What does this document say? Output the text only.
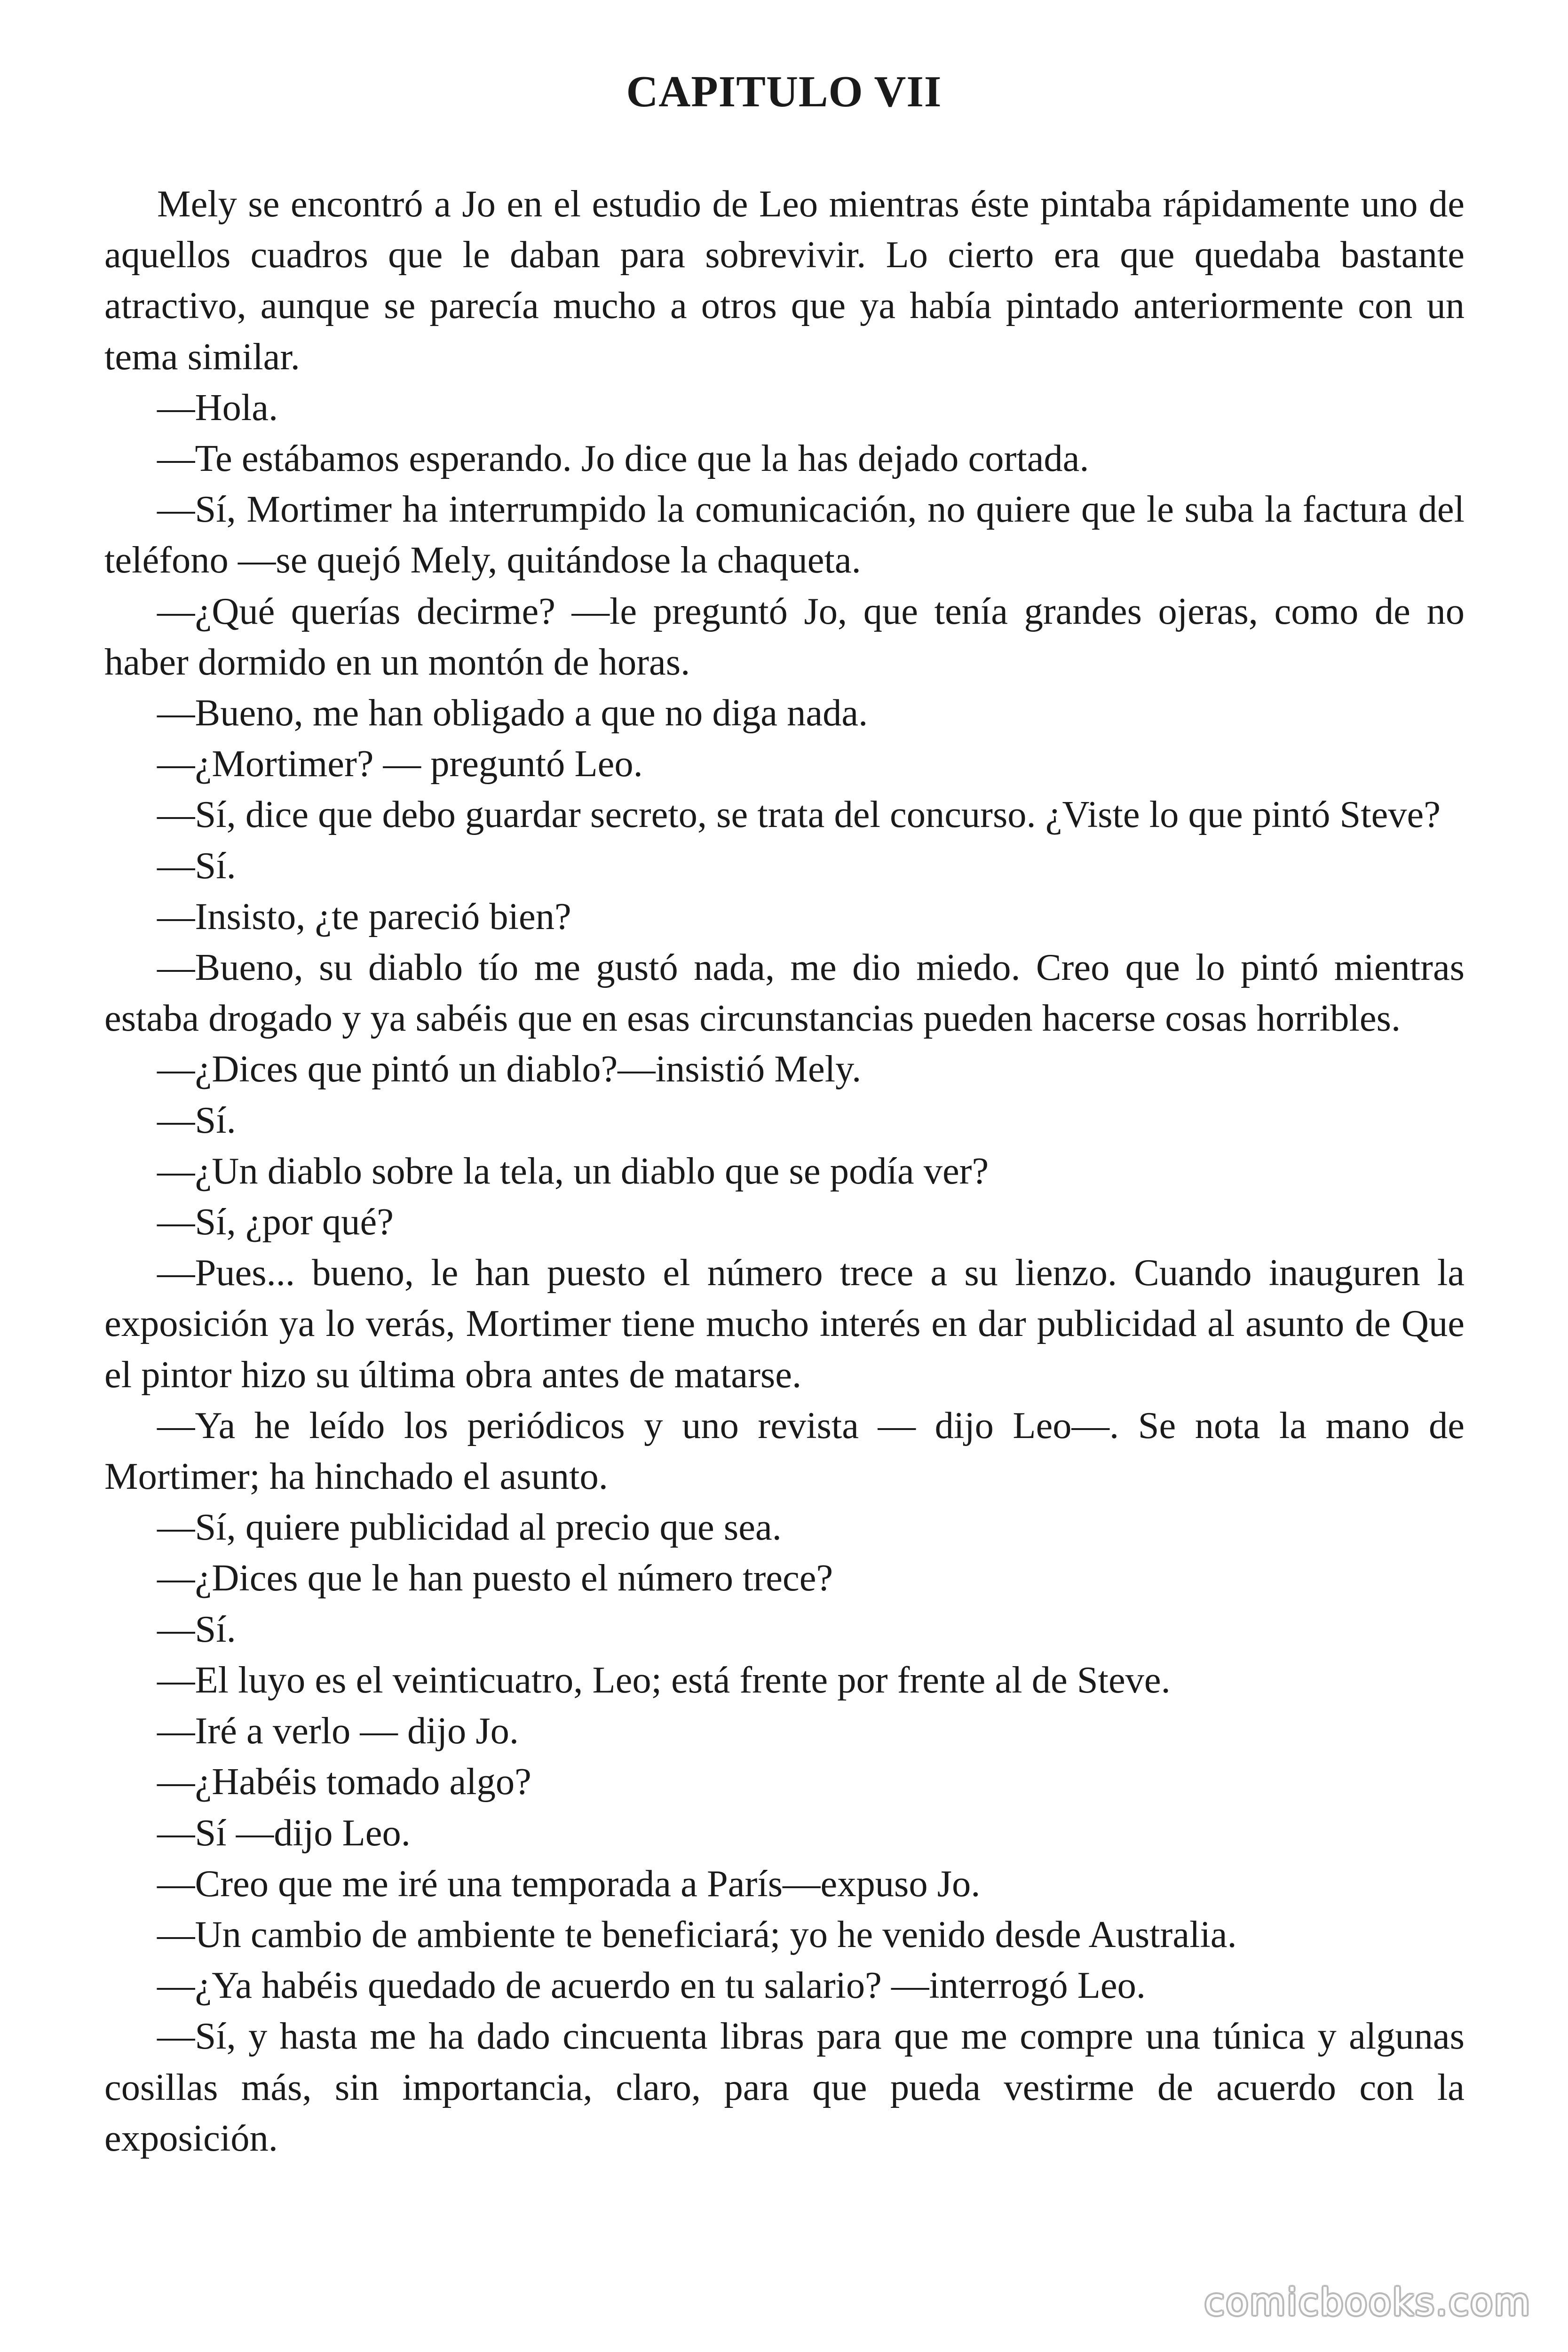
CAPITULO VII

Mely se encontró a Jo en el estudio de Leo mientras éste pintaba rápidamente uno de aquellos cuadros que le daban para sobrevivir. Lo cierto era que quedaba bastante atractivo, aunque se parecía mucho a otros que ya había pintado anteriormente con un tema similar.

—Hola.

—Te estábamos esperando. Jo dice que la has dejado cortada.

—Sí, Mortimer ha interrumpido la comunicación, no quiere que le suba la factura del teléfono —se quejó Mely, quitándose la chaqueta.

—¿Qué querías decirme? —le preguntó Jo, que tenía grandes ojeras, como de no haber dormido en un montón de horas.

—Bueno, me han obligado a que no diga nada.

—¿Mortimer? — preguntó Leo.

—Sí, dice que debo guardar secreto, se trata del concurso. ¿Viste lo que pintó Steve?

—Sí.

—Insisto, ¿te pareció bien?

—Bueno, su diablo tío me gustó nada, me dio miedo. Creo que lo pintó mientras estaba drogado y ya sabéis que en esas circunstancias pueden hacerse cosas horribles.

—¿Dices que pintó un diablo?—insistió Mely.

—Sí.

—¿Un diablo sobre la tela, un diablo que se podía ver?

—Sí, ¿por qué?

—Pues... bueno, le han puesto el número trece a su lienzo. Cuando inauguren la exposición ya lo verás, Mortimer tiene mucho interés en dar publicidad al asunto de Que el pintor hizo su última obra antes de matarse.

—Ya he leído los periódicos y uno revista — dijo Leo—. Se nota la mano de Mortimer; ha hinchado el asunto.

—Sí, quiere publicidad al precio que sea.

—¿Dices que le han puesto el número trece?

—Sí.

—El luyo es el veinticuatro, Leo; está frente por frente al de Steve.

—Iré a verlo — dijo Jo.

—¿Habéis tomado algo?

—Sí —dijo Leo.

—Creo que me iré una temporada a París—expuso Jo.

—Un cambio de ambiente te beneficiará; yo he venido desde Australia.

—¿Ya habéis quedado de acuerdo en tu salario? —interrogó Leo.

—Sí, y hasta me ha dado cincuenta libras para que me compre una túnica y algunas cosillas más, sin importancia, claro, para que pueda vestirme de acuerdo con la exposición.

comicbooks.com
